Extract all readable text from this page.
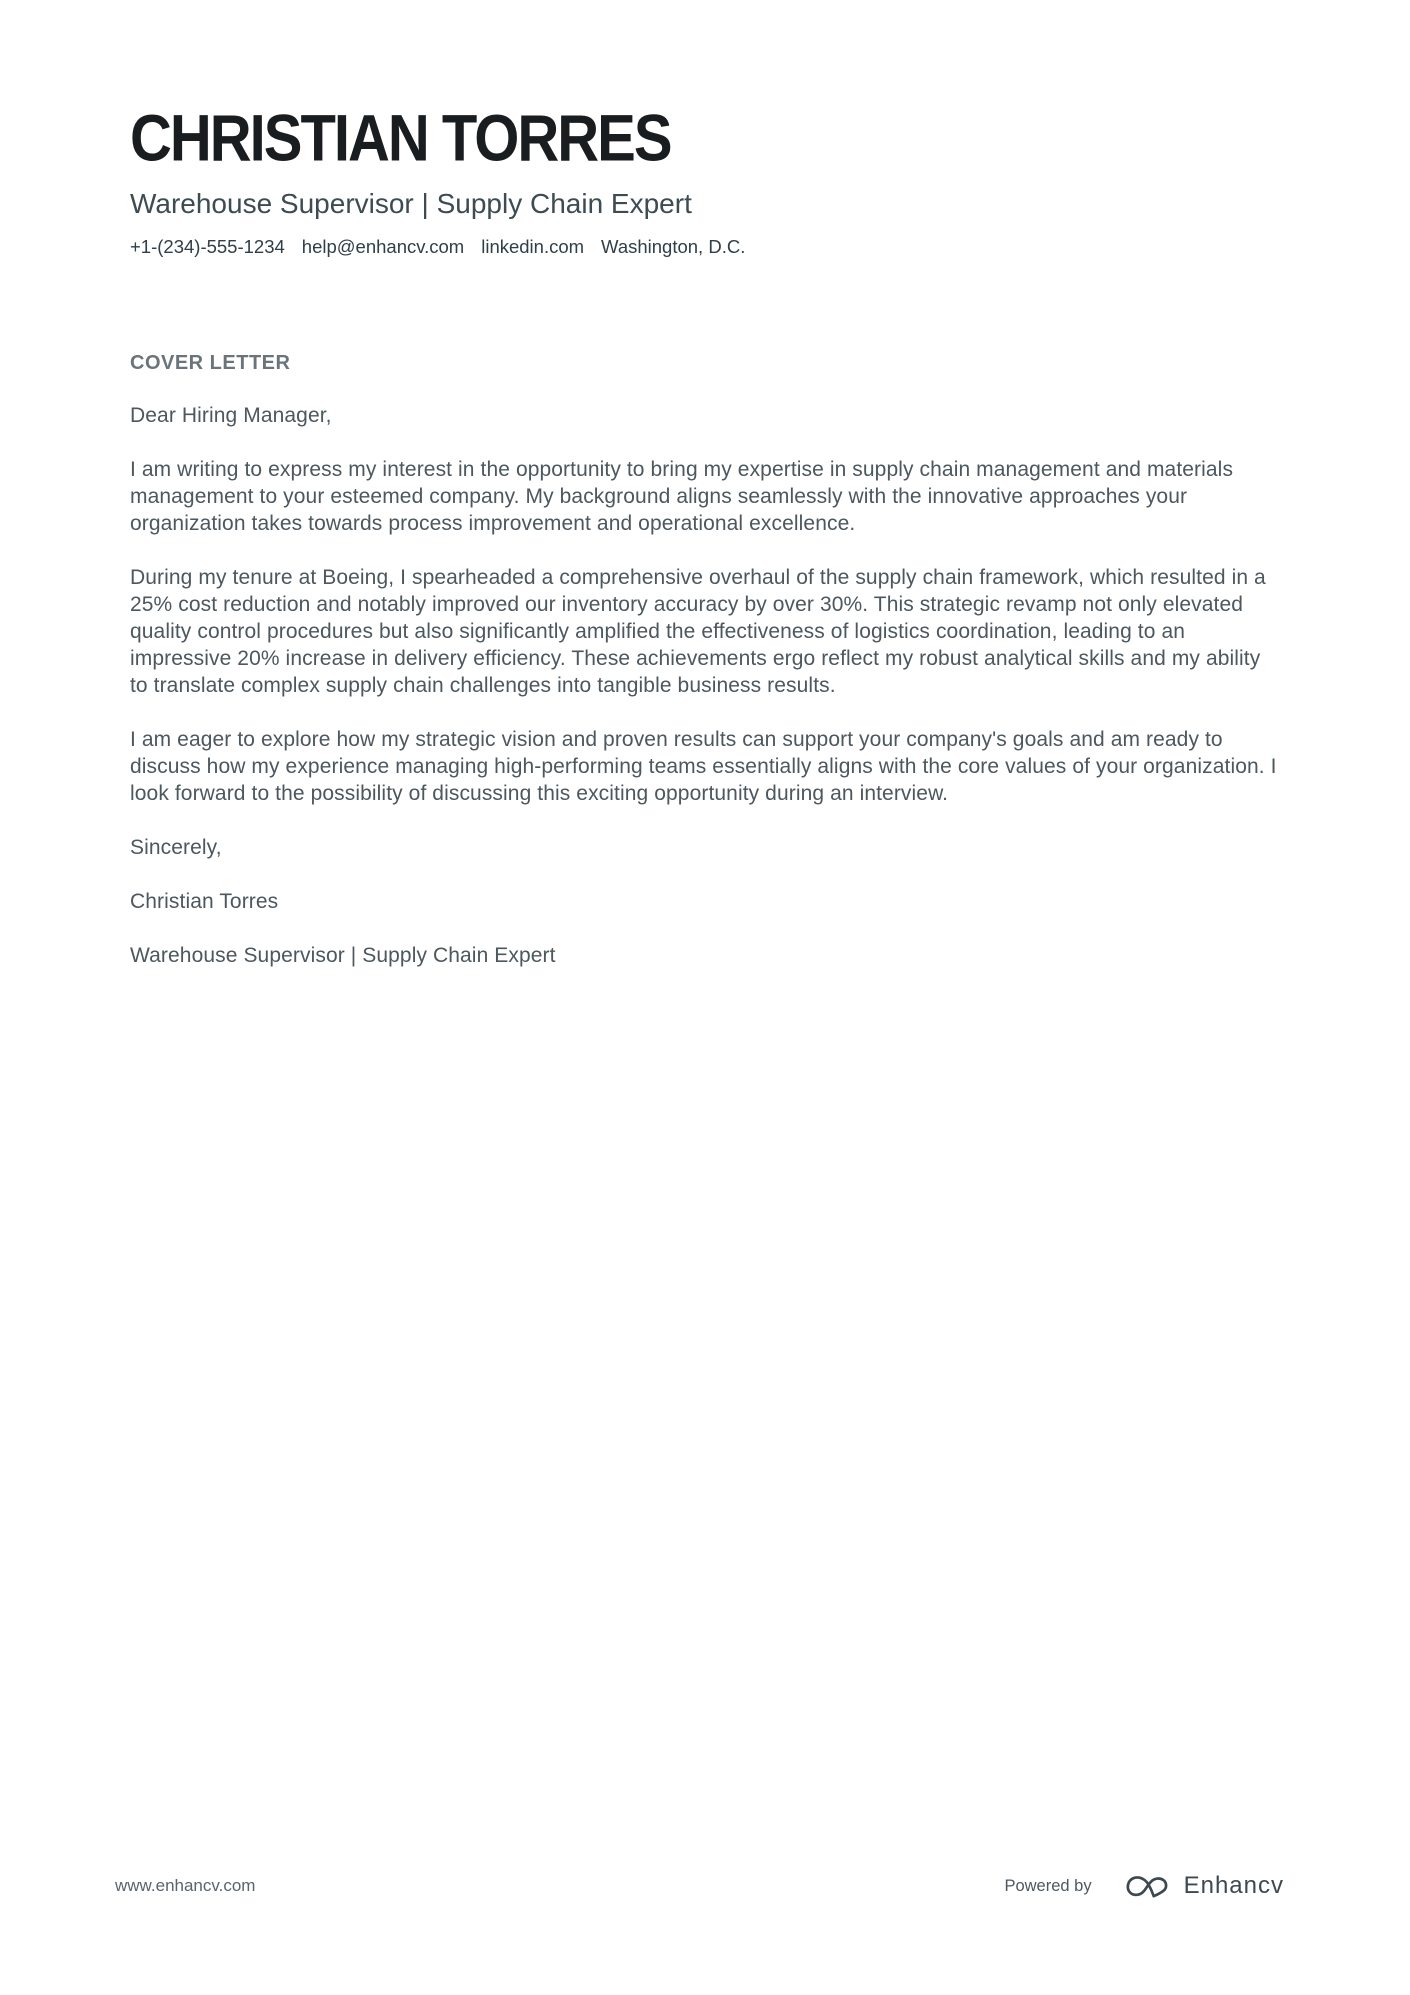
CHRISTIAN TORRES
Warehouse Supervisor | Supply Chain Expert
+1-(234)-555-1234 help@enhancv.com linkedin.com Washington, D.C.
COVER LETTER

Dear Hiring Manager,

I am writing to express my interest in the opportunity to bring my expertise in supply chain management and materials management to your esteemed company. My background aligns seamlessly with the innovative approaches your organization takes towards process improvement and operational excellence.

During my tenure at Boeing, I spearheaded a comprehensive overhaul of the supply chain framework, which resulted in a 25% cost reduction and notably improved our inventory accuracy by over 30%. This strategic revamp not only elevated quality control procedures but also significantly amplified the effectiveness of logistics coordination, leading to an impressive 20% increase in delivery efficiency. These achievements ergo reflect my robust analytical skills and my ability to translate complex supply chain challenges into tangible business results.

I am eager to explore how my strategic vision and proven results can support your company's goals and am ready to discuss how my experience managing high-performing teams essentially aligns with the core values of your organization. I look forward to the possibility of discussing this exciting opportunity during an interview.

Sincerely,

Christian Torres

Warehouse Supervisor | Supply Chain Expert

www.enhancv.com	Powered by	Enhancv
